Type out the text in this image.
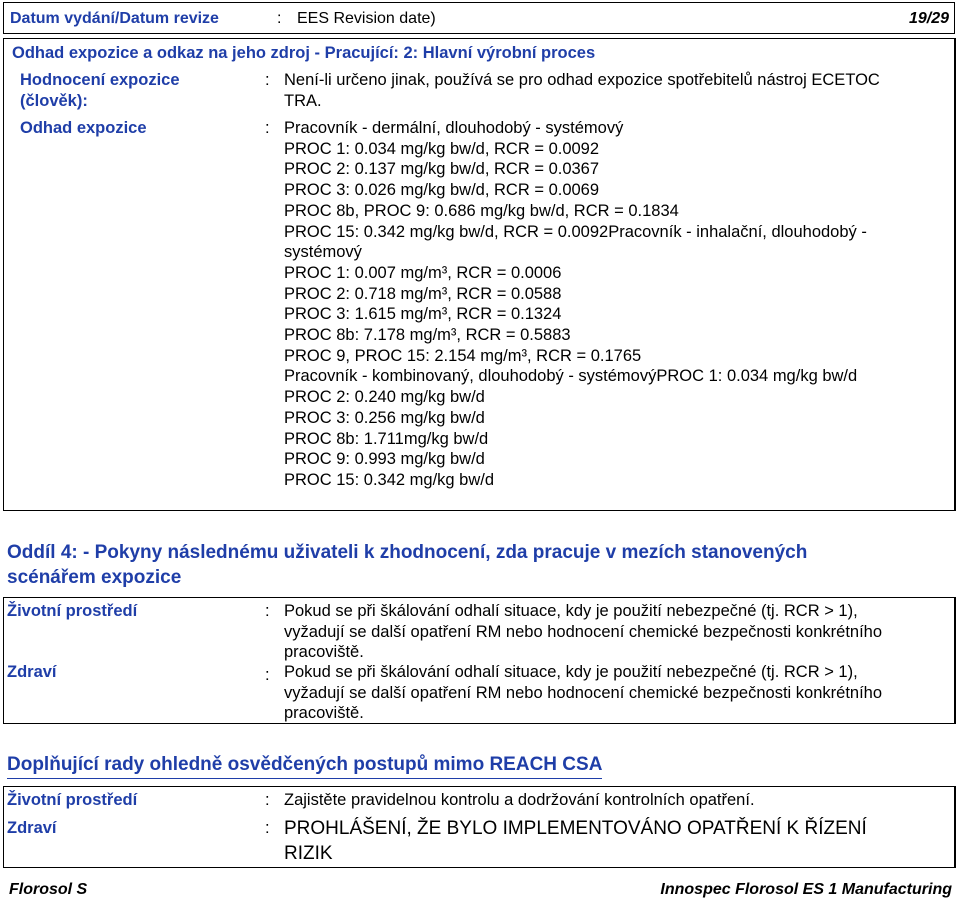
Datum vydání/Datum revize	: EES Revision date)	19/29
Odhad expozice a odkaz na jeho zdroj - Pracující: 2: Hlavní výrobní proces
Hodnocení expozice
(člověk):
: Není-li určeno jinak, používá se pro odhad expozice spotřebitelů nástroj ECETOC
TRA.
Odhad expozice	: Pracovník - dermální, dlouhodobý - systémový
PROC 1: 0.034 mg/kg bw/d, RCR = 0.0092
PROC 2: 0.137 mg/kg bw/d, RCR = 0.0367
PROC 3: 0.026 mg/kg bw/d, RCR = 0.0069
PROC 8b, PROC 9: 0.686 mg/kg bw/d, RCR = 0.1834
PROC 15: 0.342 mg/kg bw/d, RCR = 0.0092Pracovník - inhalační, dlouhodobý -
systémový
PROC 1: 0.007 mg/m³, RCR = 0.0006
PROC 2: 0.718 mg/m³, RCR = 0.0588
PROC 3: 1.615 mg/m³, RCR = 0.1324
PROC 8b: 7.178 mg/m³, RCR = 0.5883
PROC 9, PROC 15: 2.154 mg/m³, RCR = 0.1765
Pracovník - kombinovaný, dlouhodobý - systémovýPROC 1: 0.034 mg/kg bw/d
PROC 2: 0.240 mg/kg bw/d
PROC 3: 0.256 mg/kg bw/d
PROC 8b: 1.711mg/kg bw/d
PROC 9: 0.993 mg/kg bw/d
PROC 15: 0.342 mg/kg bw/d
Oddíl 4: - Pokyny následnému uživateli k zhodnocení, zda pracuje v mezích stanovených
scénářem expozice
Životní prostředí	: Pokud se při škálování odhalí situace, kdy je použití nebezpečné (tj. RCR > 1),
vyžadují se další opatření RM nebo hodnocení chemické bezpečnosti konkrétního
pracoviště.
Zdraví	: Pokud se při škálování odhalí situace, kdy je použití nebezpečné (tj. RCR > 1),
vyžadují se další opatření RM nebo hodnocení chemické bezpečnosti konkrétního
pracoviště.
Doplňující rady ohledně osvědčených postupů mimo REACH CSA
Životní prostředí	: Zajistěte pravidelnou kontrolu a dodržování kontrolních opatření.
Zdraví	: PROHLÁŠENÍ, ŽE BYLO IMPLEMENTOVÁNO OPATŘENÍ K ŘÍZENÍ
RIZIK
Florosol S	Innospec Florosol ES 1 Manufacturing
